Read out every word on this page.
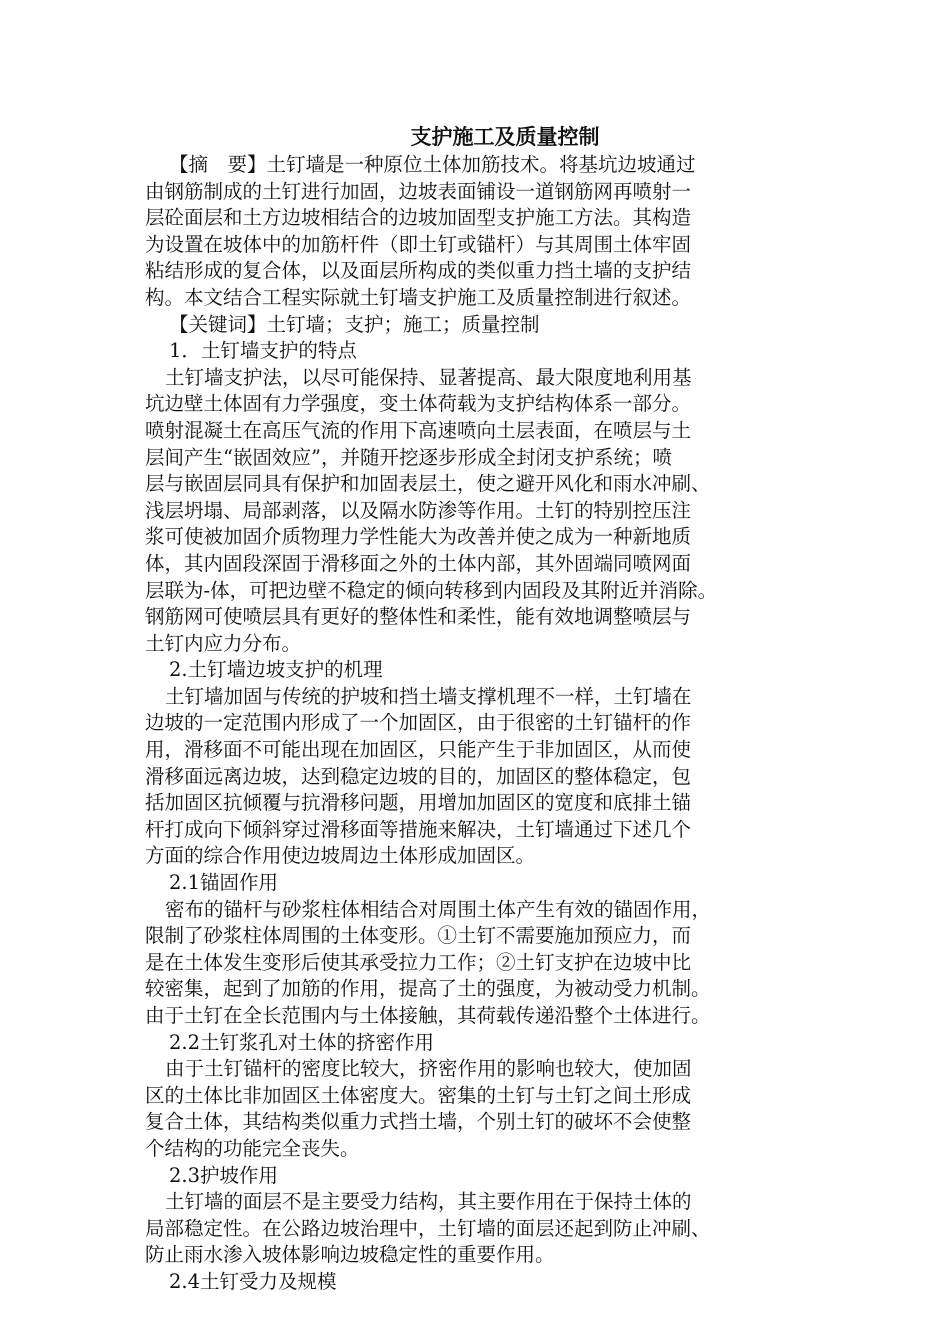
支护施工及质量控制
【摘　要】土钉墙是一种原位土体加筋技术。将基坑边坡通过
由钢筋制成的土钉进行加固，边坡表面铺设一道钢筋网再喷射一
层砼面层和土方边坡相结合的边坡加固型支护施工方法。其构造
为设置在坡体中的加筋杆件（即土钉或锚杆）与其周围土体牢固
粘结形成的复合体，以及面层所构成的类似重力挡土墙的支护结
构。本文结合工程实际就土钉墙支护施工及质量控制进行叙述。
【关键词】土钉墙；支护；施工；质量控制
1．土钉墙支护的特点
土钉墙支护法，以尽可能保持、显著提高、最大限度地利用基
坑边壁土体固有力学强度，变土体荷载为支护结构体系一部分。
喷射混凝土在高压气流的作用下高速喷向土层表面，在喷层与土
层间产生“嵌固效应”，并随开挖逐步形成全封闭支护系统；喷
层与嵌固层同具有保护和加固表层土，使之避开风化和雨水冲刷、
浅层坍塌、局部剥落，以及隔水防渗等作用。土钉的特别控压注
浆可使被加固介质物理力学性能大为改善并使之成为一种新地质
体，其内固段深固于滑移面之外的土体内部，其外固端同喷网面
层联为-体，可把边壁不稳定的倾向转移到内固段及其附近并消除。
钢筋网可使喷层具有更好的整体性和柔性，能有效地调整喷层与
土钉内应力分布。
2.土钉墙边坡支护的机理
土钉墙加固与传统的护坡和挡土墙支撑机理不一样，土钉墙在
边坡的一定范围内形成了一个加固区，由于很密的土钉锚杆的作
用，滑移面不可能出现在加固区，只能产生于非加固区，从而使
滑移面远离边坡，达到稳定边坡的目的，加固区的整体稳定，包
括加固区抗倾覆与抗滑移问题，用增加加固区的宽度和底排土锚
杆打成向下倾斜穿过滑移面等措施来解决，土钉墙通过下述几个
方面的综合作用使边坡周边土体形成加固区。
2.1锚固作用
密布的锚杆与砂浆柱体相结合对周围土体产生有效的锚固作用，
限制了砂浆柱体周围的土体变形。①土钉不需要施加预应力，而
是在土体发生变形后使其承受拉力工作；②土钉支护在边坡中比
较密集，起到了加筋的作用，提高了土的强度，为被动受力机制。
由于土钉在全长范围内与土体接触，其荷载传递沿整个土体进行。
2.2土钉浆孔对土体的挤密作用
由于土钉锚杆的密度比较大，挤密作用的影响也较大，使加固
区的土体比非加固区土体密度大。密集的土钉与土钉之间土形成
复合土体，其结构类似重力式挡土墙，个别土钉的破坏不会使整
个结构的功能完全丧失。
2.3护坡作用
土钉墙的面层不是主要受力结构，其主要作用在于保持土体的
局部稳定性。在公路边坡治理中，土钉墙的面层还起到防止冲刷、
防止雨水渗入坡体影响边坡稳定性的重要作用。
2.4土钉受力及规模
